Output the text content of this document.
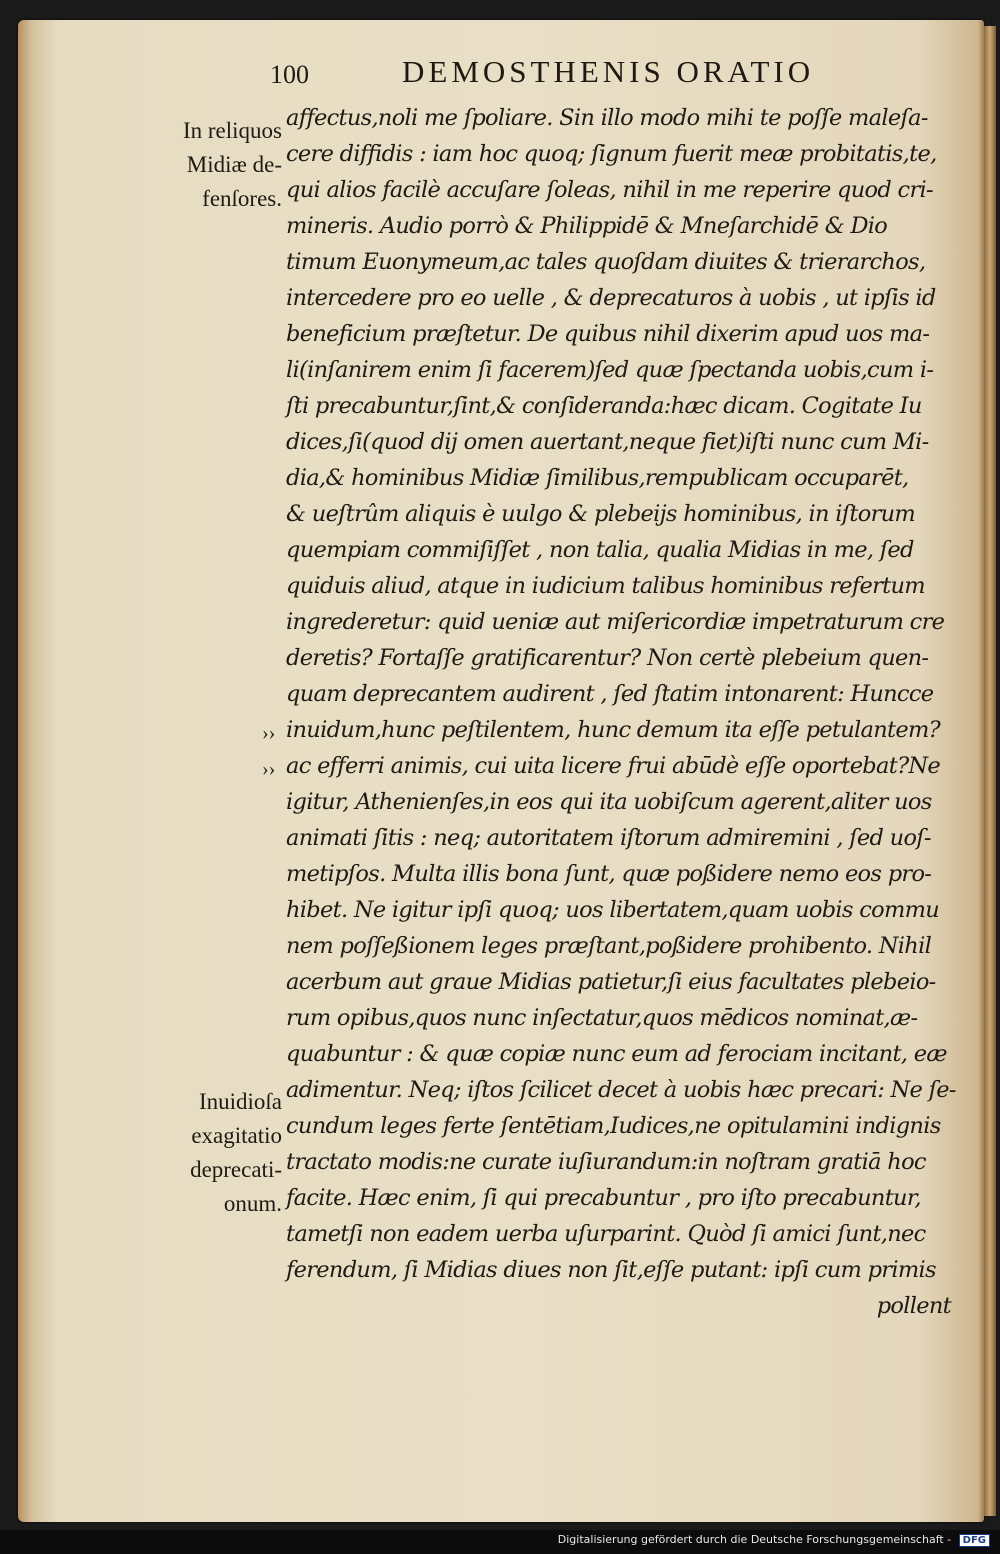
100	DEMOSTHENIS ORATIO
In reliquos
Midiæ de-
fenſores.
Inuidioſa
exagitatio
deprecati-
onum.
››
››
affectus,noli me ſpoliare. Sin illo modo mihi te poſſe maleſa-
cere diffidis : iam hoc quoq; ſignum fuerit meæ probitatis,te,
qui alios facilè accuſare ſoleas, nihil in me reperire quod cri-
mineris. Audio porrò & Philippidē & Mneſarchidē & Dio
timum Euonymeum,ac tales quoſdam diuites & trierarchos,
intercedere pro eo uelle , & deprecaturos à uobis , ut ipſis id
beneficium præſtetur. De quibus nihil dixerim apud uos ma-
li(inſanirem enim ſi facerem)ſed quæ ſpectanda uobis,cum i-
ſti precabuntur,ſint,& conſideranda:hæc dicam. Cogitate Iu
dices,ſi(quod dij omen auertant,neque fiet)iſti nunc cum Mi-
dia,& hominibus Midiæ ſimilibus,rempublicam occuparēt,
& ueſtrûm aliquis è uulgo & plebeijs hominibus, in iſtorum
quempiam commiſiſſet , non talia, qualia Midias in me, ſed
quiduis aliud, atque in iudicium talibus hominibus refertum
ingrederetur: quid ueniæ aut miſericordiæ impetraturum cre
deretis? Fortaſſe gratificarentur? Non certè plebeium quen-
quam deprecantem audirent , ſed ſtatim intonarent: Huncce
inuidum,hunc peſtilentem, hunc demum ita eſſe petulantem?
ac efferri animis, cui uita licere frui abūdè eſſe oportebat?Ne
igitur, Athenienſes,in eos qui ita uobiſcum agerent,aliter uos
animati ſitis : neq; autoritatem iſtorum admiremini , ſed uoſ-
metipſos. Multa illis bona ſunt, quæ poßidere nemo eos pro-
hibet. Ne igitur ipſi quoq; uos libertatem,quam uobis commu
nem poſſeßionem leges præſtant,poßidere prohibento. Nihil
acerbum aut graue Midias patietur,ſi eius facultates plebeio-
rum opibus,quos nunc inſectatur,quos mēdicos nominat,æ-
quabuntur : & quæ copiæ nunc eum ad ferociam incitant, eæ
adimentur. Neq; iſtos ſcilicet decet à uobis hæc precari: Ne ſe-
cundum leges ferte ſentētiam,Iudices,ne opitulamini indignis
tractato modis:ne curate iuſiurandum:in noſtram gratiā hoc
facite. Hæc enim, ſi qui precabuntur , pro iſto precabuntur,
tametſi non eadem uerba uſurparint. Quòd ſi amici ſunt,nec
ferendum, ſi Midias diues non ſit,eſſe putant: ipſi cum primis
pollent
Digitalisierung gefördert durch die Deutsche Forschungsgemeinschaft - DFG
